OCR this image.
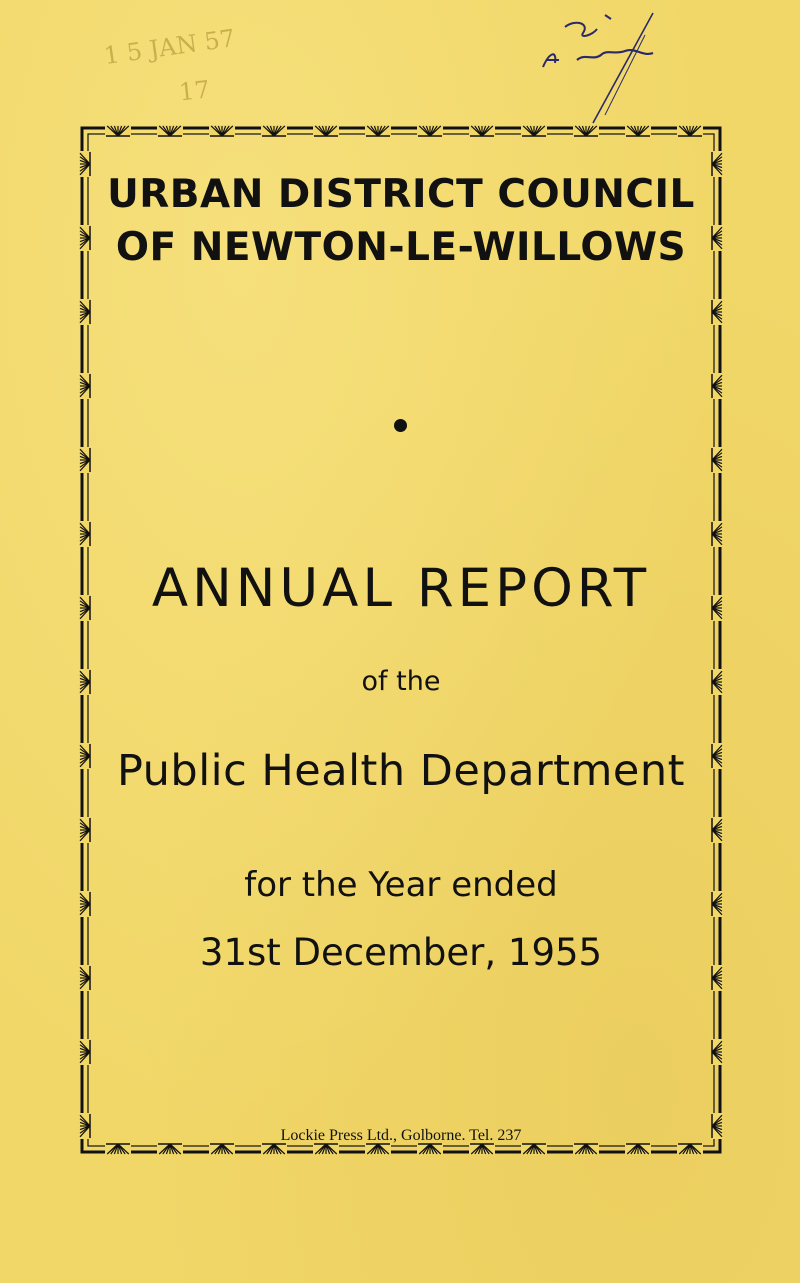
1 5 JAN 57
17
URBAN DISTRICT COUNCIL
OF NEWTON-LE-WILLOWS
ANNUAL REPORT
of the
Public Health Department
for the Year ended
31st December, 1955
Lockie Press Ltd., Golborne. Tel. 237
